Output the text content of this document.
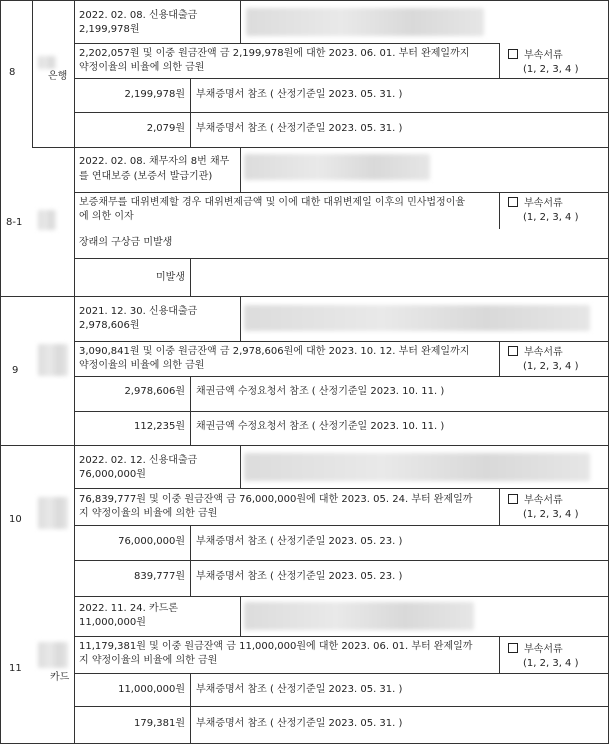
8	은행
2022. 02. 08. 신용대출금
2,199,978원
2,202,057원 및 이중 원금잔액 금 2,199,978원에 대한 2023. 06. 01. 부터 완제일까지
약정이율의 비율에 의한 금원
부속서류
(1, 2, 3, 4 )
2,199,978원 부채증명서 참조 ( 산정기준일 2023. 05. 31. )
2,079원 부채증명서 참조 ( 산정기준일 2023. 05. 31. )
8-1
2022. 02. 08. 채무자의 8번 채무
를 연대보증 (보증서 발급기관)
보증채무를 대위변제할 경우 대위변제금액 및 이에 대한 대위변제일 이후의 민사법정이율
에 의한 이자
부속서류
(1, 2, 3, 4 )
장래의 구상금 미발생
미발생
9
2021. 12. 30. 신용대출금
2,978,606원
3,090,841원 및 이중 원금잔액 금 2,978,606원에 대한 2023. 10. 12. 부터 완제일까지
약정이율의 비율에 의한 금원
부속서류
(1, 2, 3, 4 )
2,978,606원 채권금액 수정요청서 참조 ( 산정기준일 2023. 10. 11. )
112,235원 채권금액 수정요청서 참조 ( 산정기준일 2023. 10. 11. )
10
2022. 02. 12. 신용대출금
76,000,000원
76,839,777원 및 이중 원금잔액 금 76,000,000원에 대한 2023. 05. 24. 부터 완제일까
지 약정이율의 비율에 의한 금원
부속서류
(1, 2, 3, 4 )
76,000,000원 부채증명서 참조 ( 산정기준일 2023. 05. 23. )
839,777원 부채증명서 참조 ( 산정기준일 2023. 05. 23. )
11
카드
2022. 11. 24. 카드론
11,000,000원
11,179,381원 및 이중 원금잔액 금 11,000,000원에 대한 2023. 06. 01. 부터 완제일까
지 약정이율의 비율에 의한 금원
부속서류
(1, 2, 3, 4 )
11,000,000원 부채증명서 참조 ( 산정기준일 2023. 05. 31. )
179,381원 부채증명서 참조 ( 산정기준일 2023. 05. 31. )
